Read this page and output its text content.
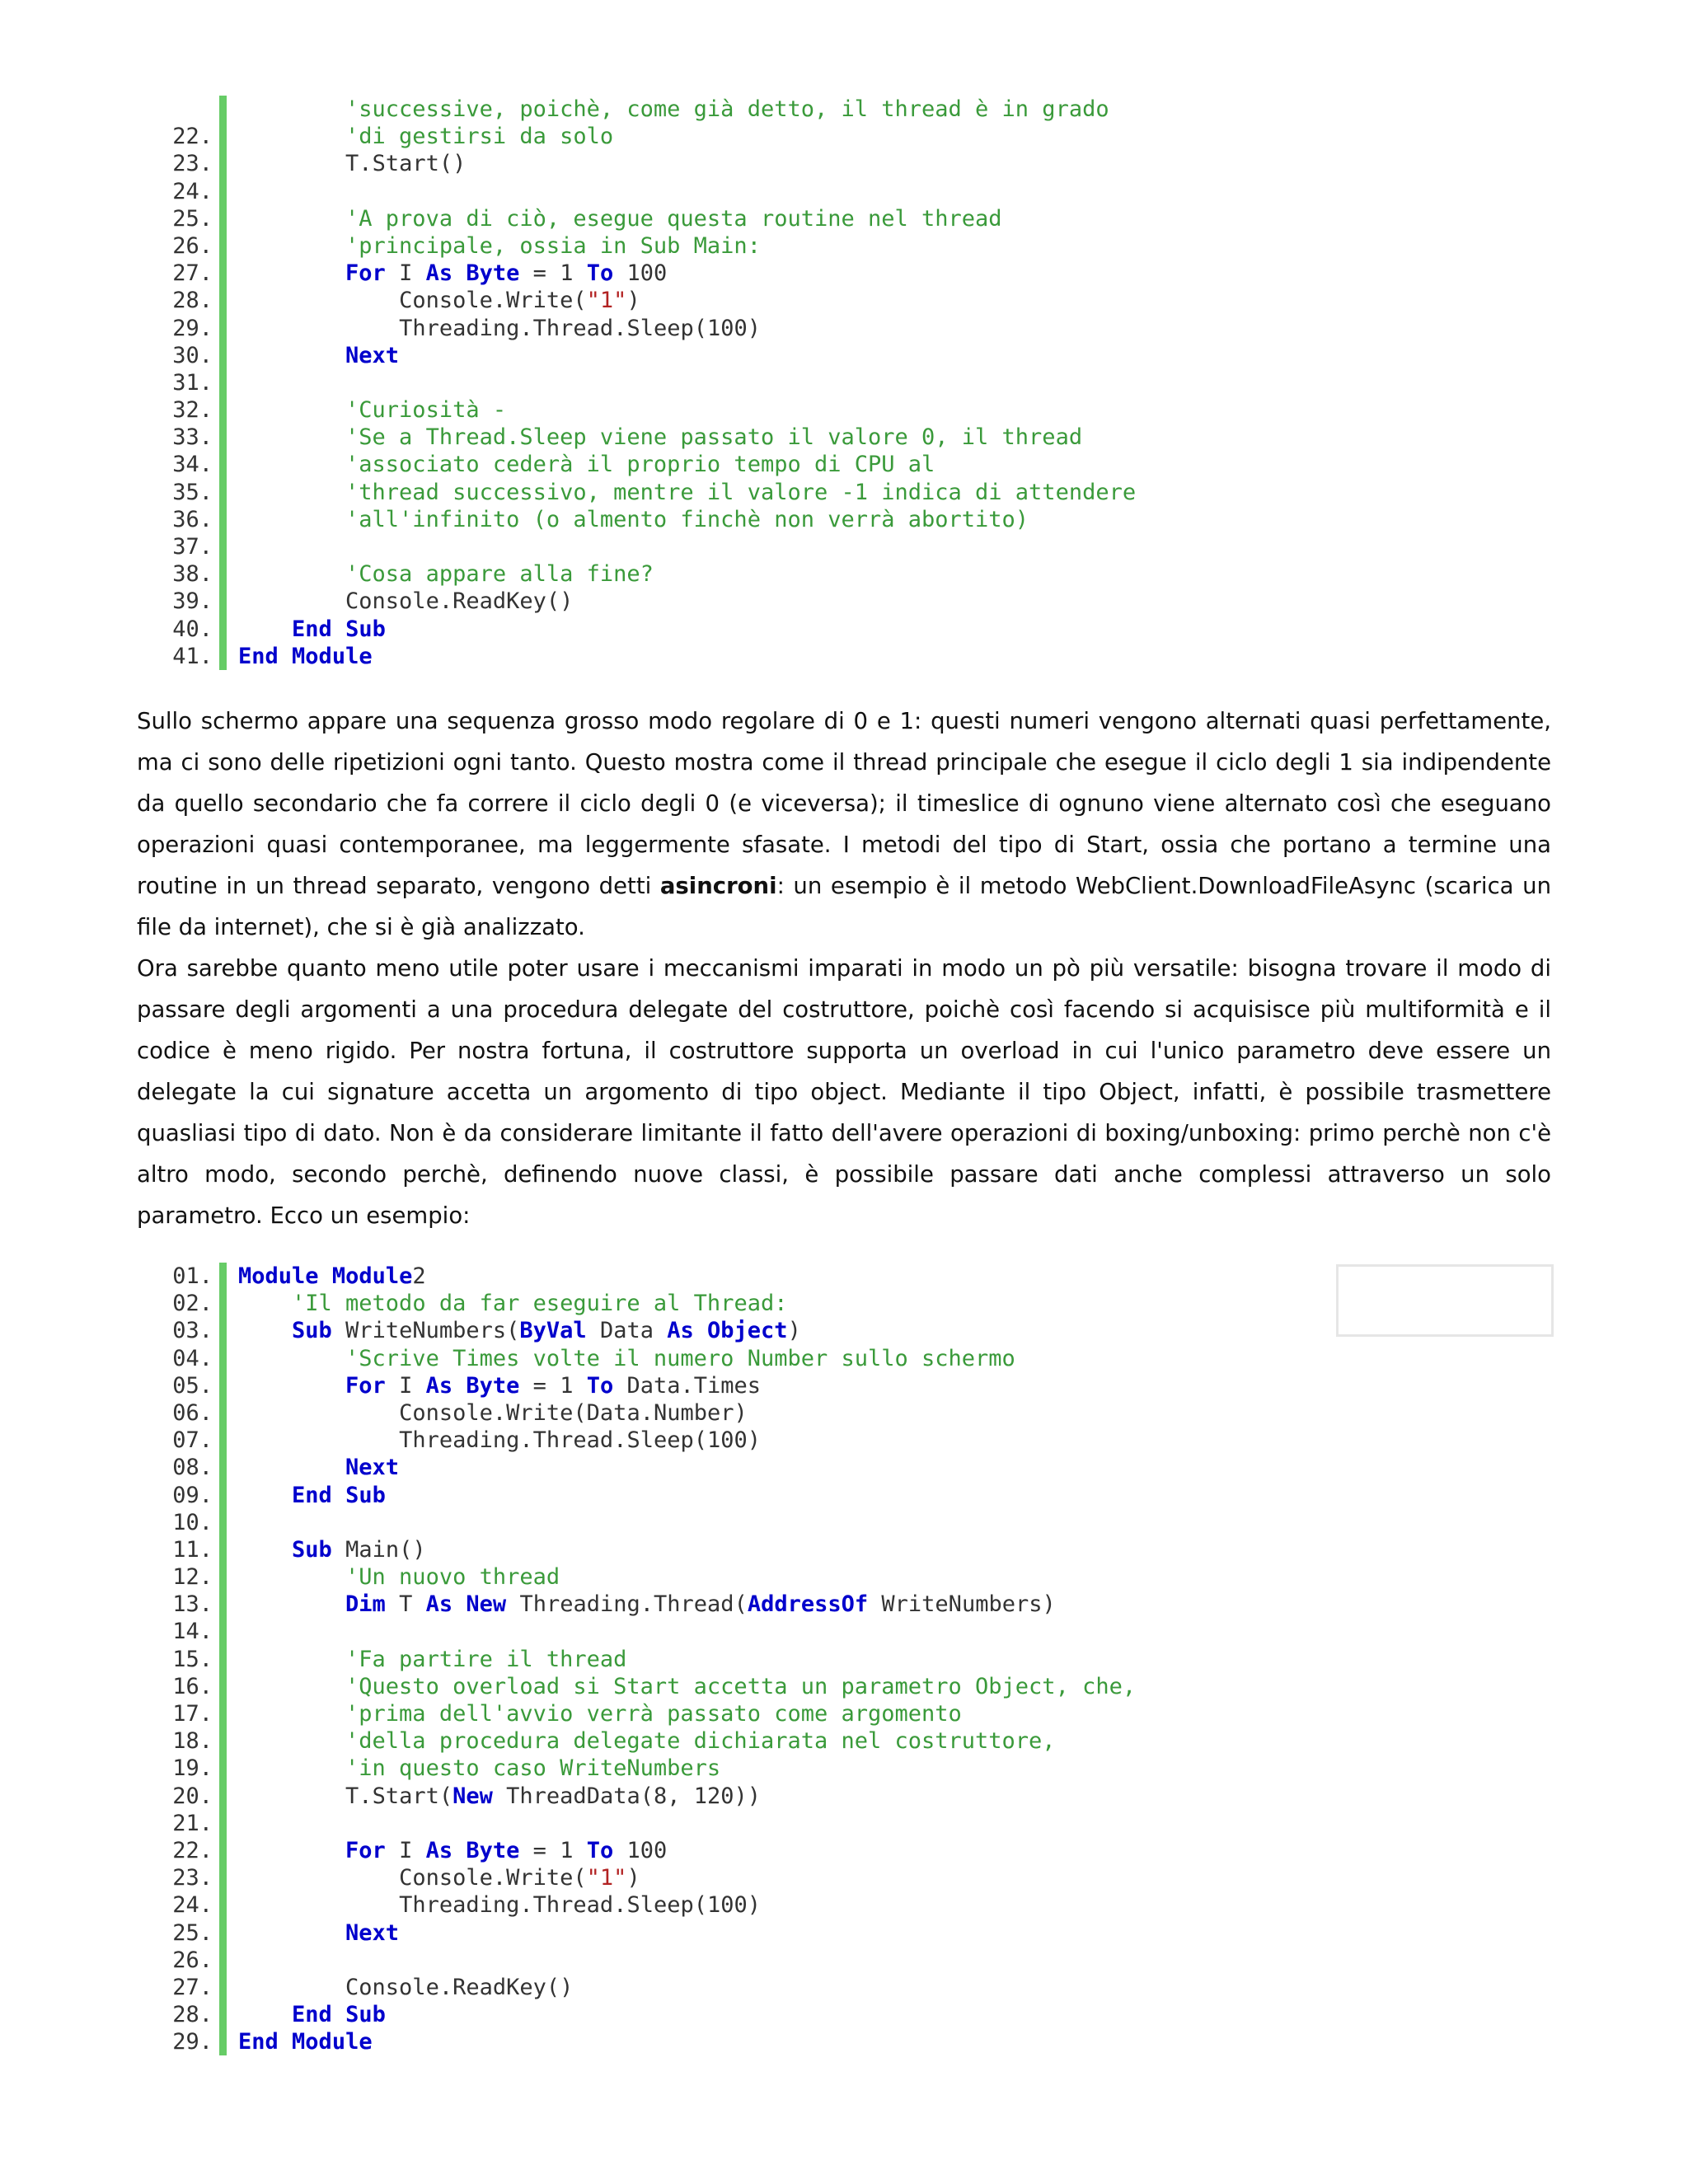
'successive, poichè, come già detto, il thread è in grado
22.	'di gestirsi da solo
23.	T.Start()
24.
25.	'A prova di ciò, esegue questa routine nel thread
26.	'principale, ossia in Sub Main:
27.	For I As Byte = 1 To 100
28.	Console.Write("1")
29.	Threading.Thread.Sleep(100)
30.	Next
31.
32.	'Curiosità -
33.	'Se a Thread.Sleep viene passato il valore 0, il thread
34.	'associato cederà il proprio tempo di CPU al
35.	'thread successivo, mentre il valore -1 indica di attendere
36.	'all'infinito (o almento finchè non verrà abortito)
37.
38.	'Cosa appare alla fine?
39.	Console.ReadKey()
40.	End Sub
41. End Module

Sullo schermo appare una sequenza grosso modo regolare di 0 e 1: questi numeri vengono alternati quasi perfettamente, ma ci sono delle ripetizioni ogni tanto. Questo mostra come il thread principale che esegue il ciclo degli 1 sia indipendente da quello secondario che fa correre il ciclo degli 0 (e viceversa); il timeslice di ognuno viene alternato così che eseguano operazioni quasi contemporanee, ma leggermente sfasate. I metodi del tipo di Start, ossia che portano a termine una routine in un thread separato, vengono detti asincroni: un esempio è il metodo WebClient.DownloadFileAsync (scarica un file da internet), che si è già analizzato.

Ora sarebbe quanto meno utile poter usare i meccanismi imparati in modo un pò più versatile: bisogna trovare il modo di passare degli argomenti a una procedura delegate del costruttore, poichè così facendo si acquisisce più multiformità e il codice è meno rigido. Per nostra fortuna, il costruttore supporta un overload in cui l'unico parametro deve essere un delegate la cui signature accetta un argomento di tipo object. Mediante il tipo Object, infatti, è possibile trasmettere quasliasi tipo di dato. Non è da considerare limitante il fatto dell'avere operazioni di boxing/unboxing: primo perchè non c'è altro modo, secondo perchè, definendo nuove classi, è possibile passare dati anche complessi attraverso un solo parametro. Ecco un esempio:

01. Module Module2
02.	'Il metodo da far eseguire al Thread:
03.	Sub WriteNumbers(ByVal Data As Object)
04.	'Scrive Times volte il numero Number sullo schermo
05.	For I As Byte = 1 To Data.Times
06.	Console.Write(Data.Number)
07.	Threading.Thread.Sleep(100)
08.	Next
09.	End Sub
10.
11.	Sub Main()
12.	'Un nuovo thread
13.	Dim T As New Threading.Thread(AddressOf WriteNumbers)
14.
15.	'Fa partire il thread
16.	'Questo overload si Start accetta un parametro Object, che,
17.	'prima dell'avvio verrà passato come argomento
18.	'della procedura delegate dichiarata nel costruttore,
19.	'in questo caso WriteNumbers
20.	T.Start(New ThreadData(8, 120))
21.
22.	For I As Byte = 1 To 100
23.	Console.Write("1")
24.	Threading.Thread.Sleep(100)
25.	Next
26.
27.	Console.ReadKey()
28.	End Sub
29. End Module
